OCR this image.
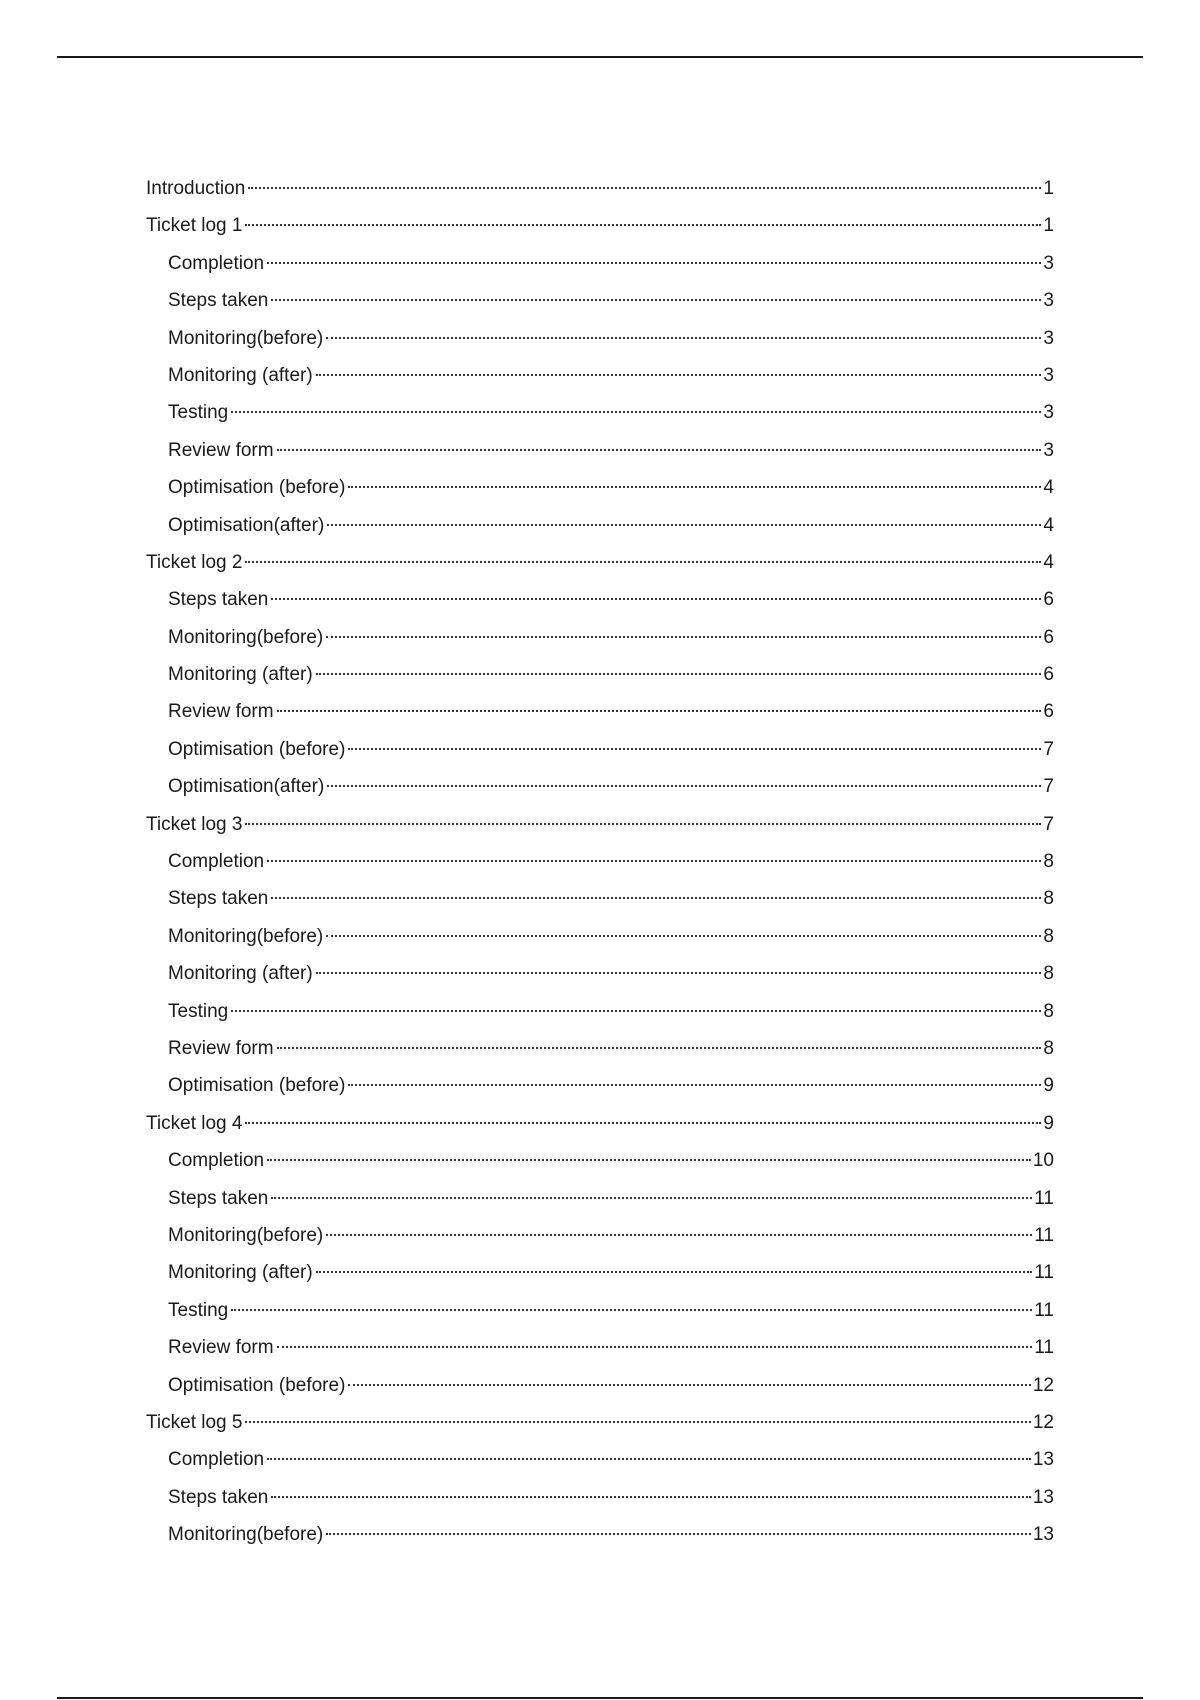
Introduction	1
Ticket log 1	1
Completion	3
Steps taken	3
Monitoring(before)	3
Monitoring (after)	3
Testing	3
Review form	3
Optimisation (before)	4
Optimisation(after)	4
Ticket log 2	4
Steps taken	6
Monitoring(before)	6
Monitoring (after)	6
Review form	6
Optimisation (before)	7
Optimisation(after)	7
Ticket log 3	7
Completion	8
Steps taken	8
Monitoring(before)	8
Monitoring (after)	8
Testing	8
Review form	8
Optimisation (before)	9
Ticket log 4	9
Completion	10
Steps taken	11
Monitoring(before)	11
Monitoring (after)	11
Testing	11
Review form	11
Optimisation (before)	12
Ticket log 5	12
Completion	13
Steps taken	13
Monitoring(before)	13
